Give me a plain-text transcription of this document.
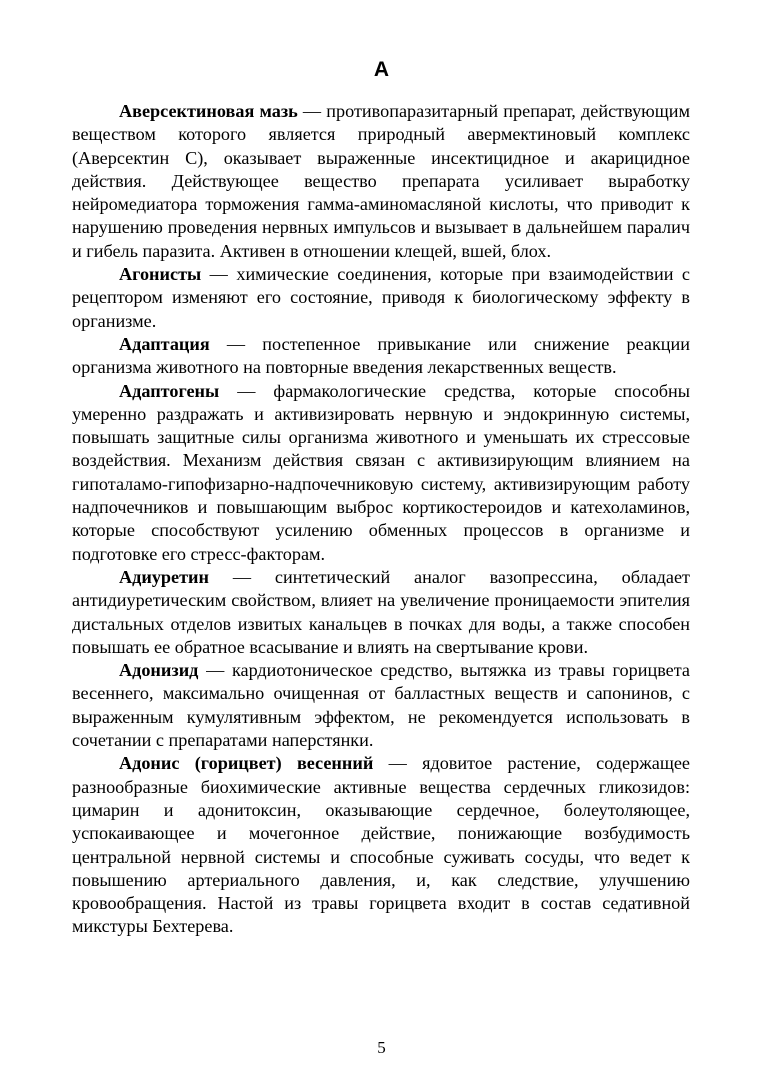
А

Аверсектиновая мазь — противопаразитарный препарат, действующим веществом которого является природный авермектиновый комплекс (Аверсектин С), оказывает выраженные инсектицидное и акарицидное действия. Действующее вещество препарата усиливает выработку нейромедиатора торможения гамма-аминомасляной кислоты, что приводит к нарушению проведения нервных импульсов и вызывает в дальнейшем паралич и гибель паразита. Активен в отношении клещей, вшей, блох.

Агонисты — химические соединения, которые при взаимодействии с рецептором изменяют его состояние, приводя к биологическому эффекту в организме.

Адаптация — постепенное привыкание или снижение реакции организма животного на повторные введения лекарственных веществ.

Адаптогены — фармакологические средства, которые способны умеренно раздражать и активизировать нервную и эндокринную системы, повышать защитные силы организма животного и уменьшать их стрессовые воздействия. Механизм действия связан с активизирующим влиянием на гипоталамо-гипофизарно-надпочечниковую систему, активизирующим работу надпочечников и повышающим выброс кортикостероидов и катехоламинов, которые способствуют усилению обменных процессов в организме и подготовке его стресс-факторам.

Адиуретин — синтетический аналог вазопрессина, обладает антидиуретическим свойством, влияет на увеличение проницаемости эпителия дистальных отделов извитых канальцев в почках для воды, а также способен повышать ее обратное всасывание и влиять на свертывание крови.

Адонизид — кардиотоническое средство, вытяжка из травы горицвета весеннего, максимально очищенная от балластных веществ и сапонинов, с выраженным кумулятивным эффектом, не рекомендуется использовать в сочетании с препаратами наперстянки.

Адонис (горицвет) весенний — ядовитое растение, содержащее разнообразные биохимические активные вещества сердечных гликозидов: цимарин и адонитоксин, оказывающие сердечное, болеутоляющее, успокаивающее и мочегонное действие, понижающие возбудимость центральной нервной системы и способные суживать сосуды, что ведет к повышению артериального давления, и, как следствие, улучшению кровообращения. Настой из травы горицвета входит в состав седативной микстуры Бехтерева.

5
